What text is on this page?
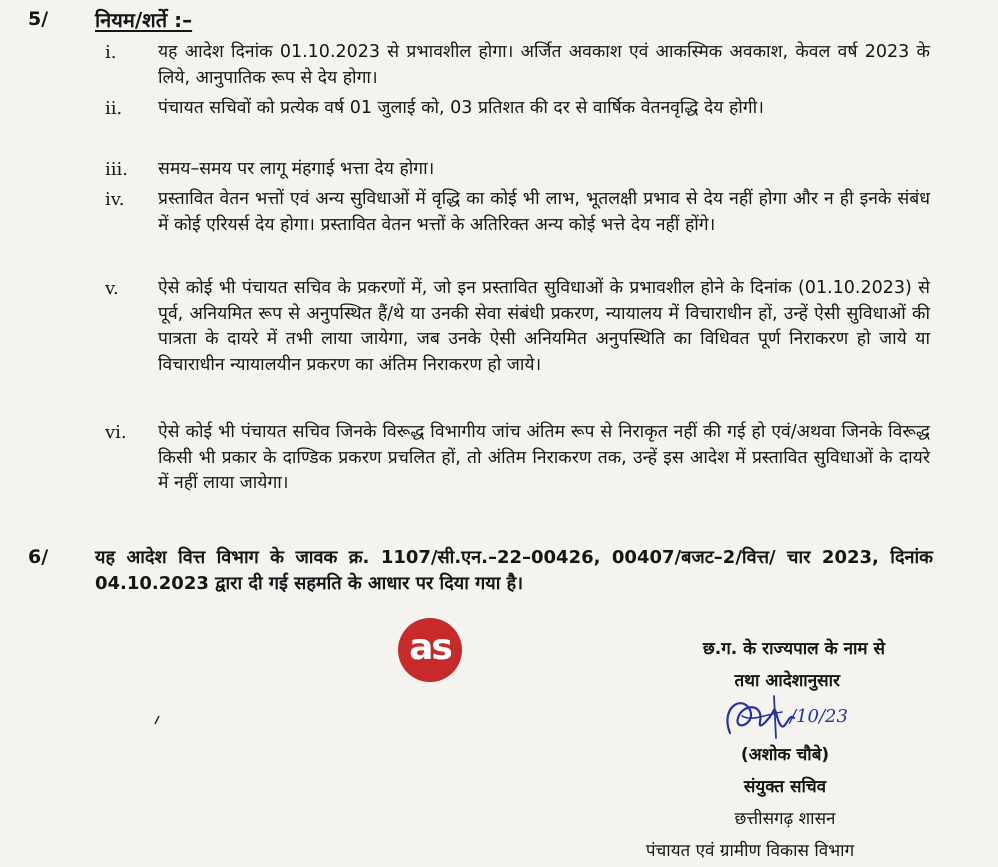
5/ नियम/शर्ते :–
i.	यह आदेश दिनांक 01.10.2023 से प्रभावशील होगा। अर्जित अवकाश एवं आकस्मिक अवकाश, केवल वर्ष 2023 के लिये, आनुपातिक रूप से देय होगा।
ii.	पंचायत सचिवों को प्रत्येक वर्ष 01 जुलाई को, 03 प्रतिशत की दर से वार्षिक वेतनवृद्धि देय होगी।
iii.	समय–समय पर लागू मंहगाई भत्ता देय होगा।
iv.	प्रस्तावित वेतन भत्तों एवं अन्य सुविधाओं में वृद्धि का कोई भी लाभ, भूतलक्षी प्रभाव से देय नहीं होगा और न ही इनके संबंध में कोई एरियर्स देय होगा। प्रस्तावित वेतन भत्तों के अतिरिक्त अन्य कोई भत्ते देय नहीं होंगे।
v.	ऐसे कोई भी पंचायत सचिव के प्रकरणों में, जो इन प्रस्तावित सुविधाओं के प्रभावशील होने के दिनांक (01.10.2023) से पूर्व, अनियमित रूप से अनुपस्थित हैं/थे या उनकी सेवा संबंधी प्रकरण, न्यायालय में विचाराधीन हों, उन्हें ऐसी सुविधाओं की पात्रता के दायरे में तभी लाया जायेगा, जब उनके ऐसी अनियमित अनुपस्थिति का विधिवत पूर्ण निराकरण हो जाये या विचाराधीन न्यायालयीन प्रकरण का अंतिम निराकरण हो जाये।
vi.	ऐसे कोई भी पंचायत सचिव जिनके विरूद्ध विभागीय जांच अंतिम रूप से निराकृत नहीं की गई हो एवं/अथवा जिनके विरूद्ध किसी भी प्रकार के दाण्डिक प्रकरण प्रचलित हों, तो अंतिम निराकरण तक, उन्हें इस आदेश में प्रस्तावित सुविधाओं के दायरे में नहीं लाया जायेगा।
6/	यह आदेश वित्त विभाग के जावक क्र. 1107/सी.एन.–22–00426, 00407/बजट–2/वित्त/ चार 2023, दिनांक 04.10.2023 द्वारा दी गई सहमति के आधार पर दिया गया है।
as	छ.ग. के राज्यपाल के नाम से
तथा आदेशानुसार
(अशोक चौबे)
संयुक्त सचिव
छत्तीसगढ़ शासन
पंचायत एवं ग्रामीण विकास विभाग
/10/23
